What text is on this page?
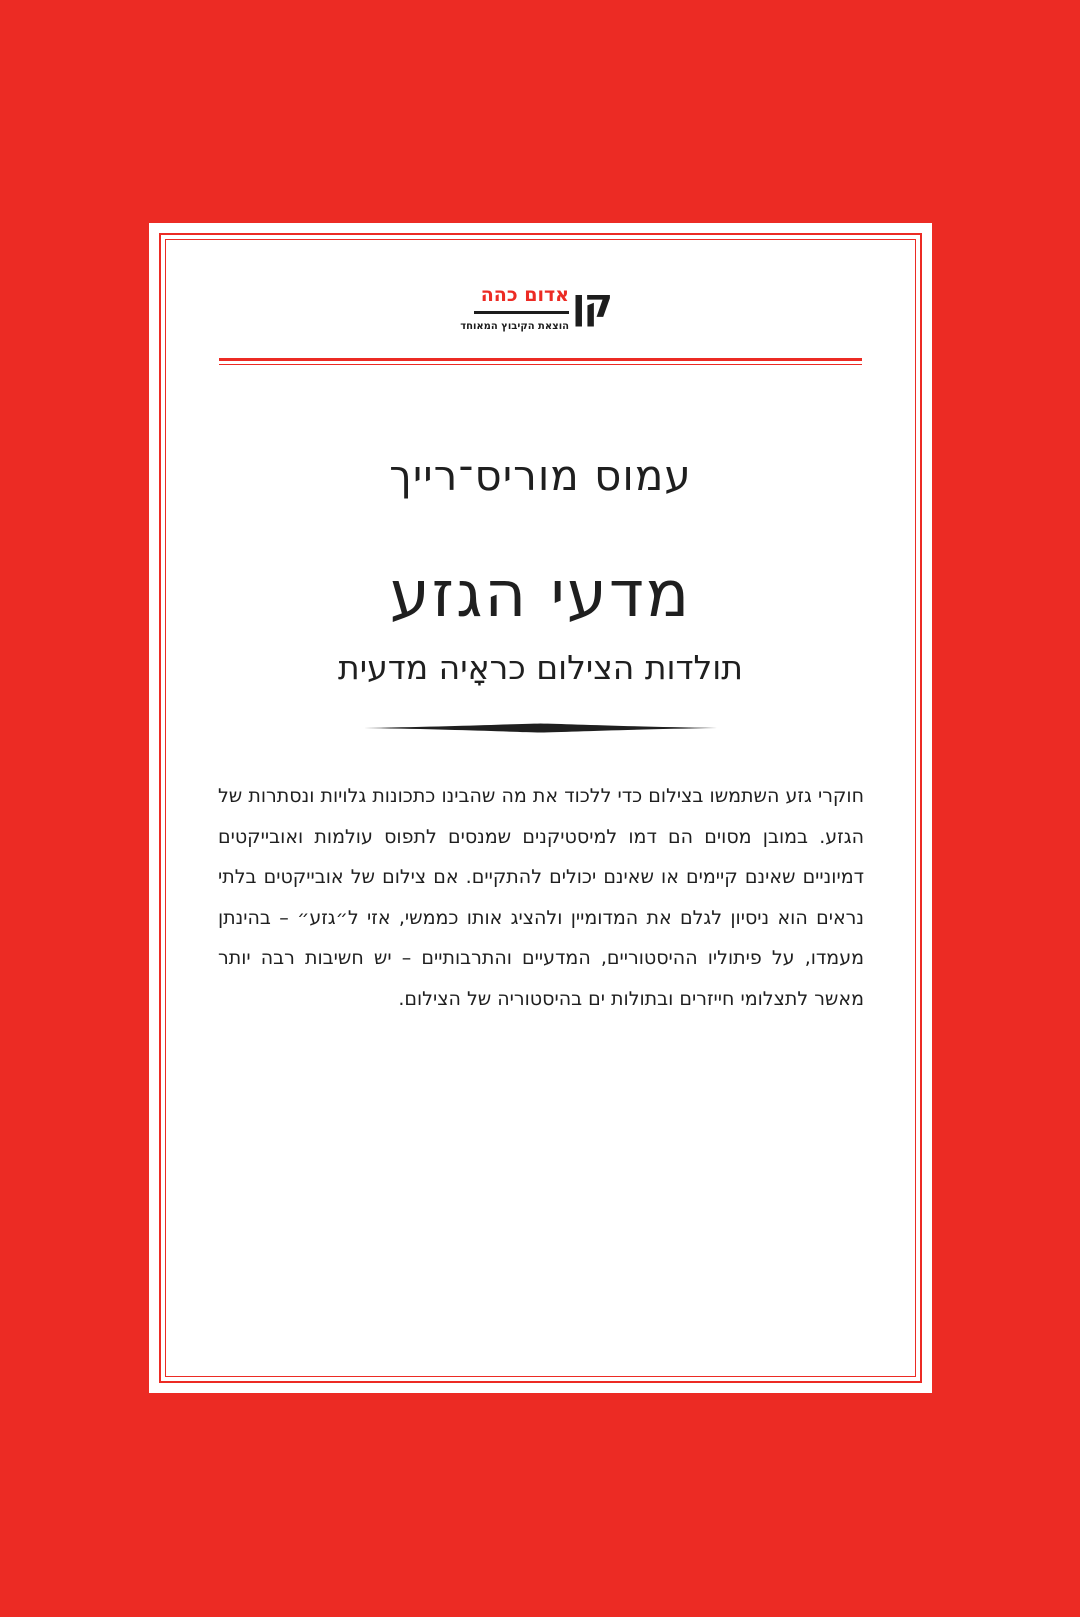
קן
אדום כהה
הוצאת הקיבוץ המאוחד
עמוס מוריס־רייך
מדעי הגזע
תולדות הצילום כראָיה מדעית
חוקרי גזע השתמשו בצילום כדי ללכוד את מה שהבינו כתכונות גלויות ונסתרות של הגזע. במובן מסוים הם דמו למיסטיקנים שמנסים לתפוס עולמות ואובייקטים דמיוניים שאינם קיימים או שאינם יכולים להתקיים. אם צילום של אובייקטים בלתי נראים הוא ניסיון לגלם את המדומיין ולהציג אותו כממשי, אזי ל״גזע״ – בהינתן מעמדו, על פיתוליו ההיסטוריים, המדעיים והתרבותיים – יש חשיבות רבה יותר מאשר לתצלומי חייזרים ובתולות ים בהיסטוריה של הצילום.
